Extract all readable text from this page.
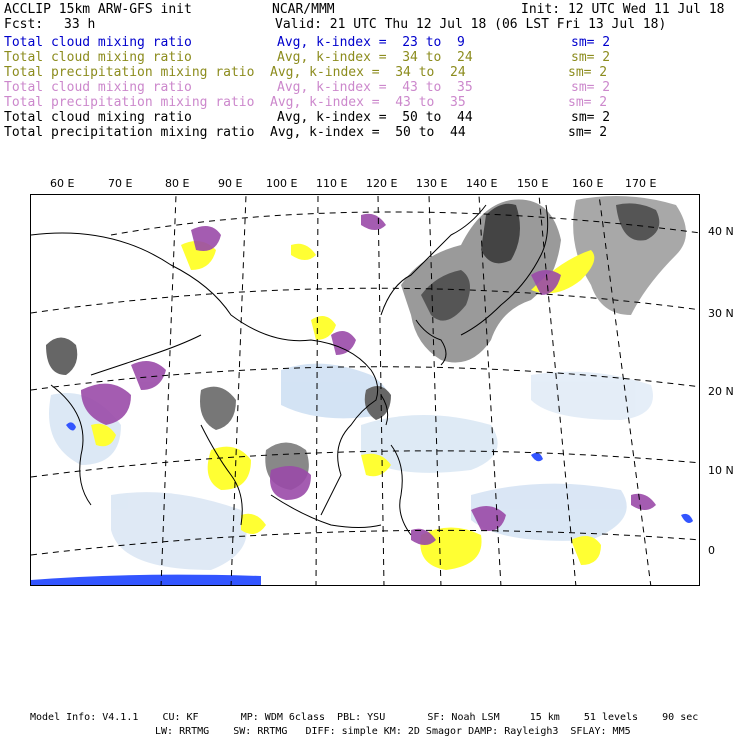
ACCLIP 15km ARW-GFS init	NCAR/MMM	Init: 12 UTC Wed 11 Jul 18
Fcst: 33 h	Valid: 21 UTC Thu 12 Jul 18 (06 LST Fri 13 Jul 18)
Total cloud mixing ratio	Avg, k-index =  23 to  9	sm= 2
Total cloud mixing ratio	Avg, k-index =  34 to  24	sm= 2
Total precipitation mixing ratio Avg, k-index =  34 to  24	sm= 2
Total cloud mixing ratio	Avg, k-index =  43 to  35	sm= 2
Total precipitation mixing ratio Avg, k-index =  43 to  35	sm= 2
Total cloud mixing ratio	Avg, k-index =  50 to  44	sm= 2
Total precipitation mixing ratio Avg, k-index =  50 to  44	sm= 2
60 E	70 E	80 E	90 E 100 E 110 E 120 E 130 E 140 E 150 E 160 E 170 E
40 N
30 N
20 N
10 N
0
Model Info: V4.1.1    CU: KF       MP: WDM 6class  PBL: YSU       SF: Noah LSM     15 km    51 levels    90 sec
LW: RRTMG    SW: RRTMG   DIFF: simple KM: 2D Smagor DAMP: Rayleigh3  SFLAY: MM5
